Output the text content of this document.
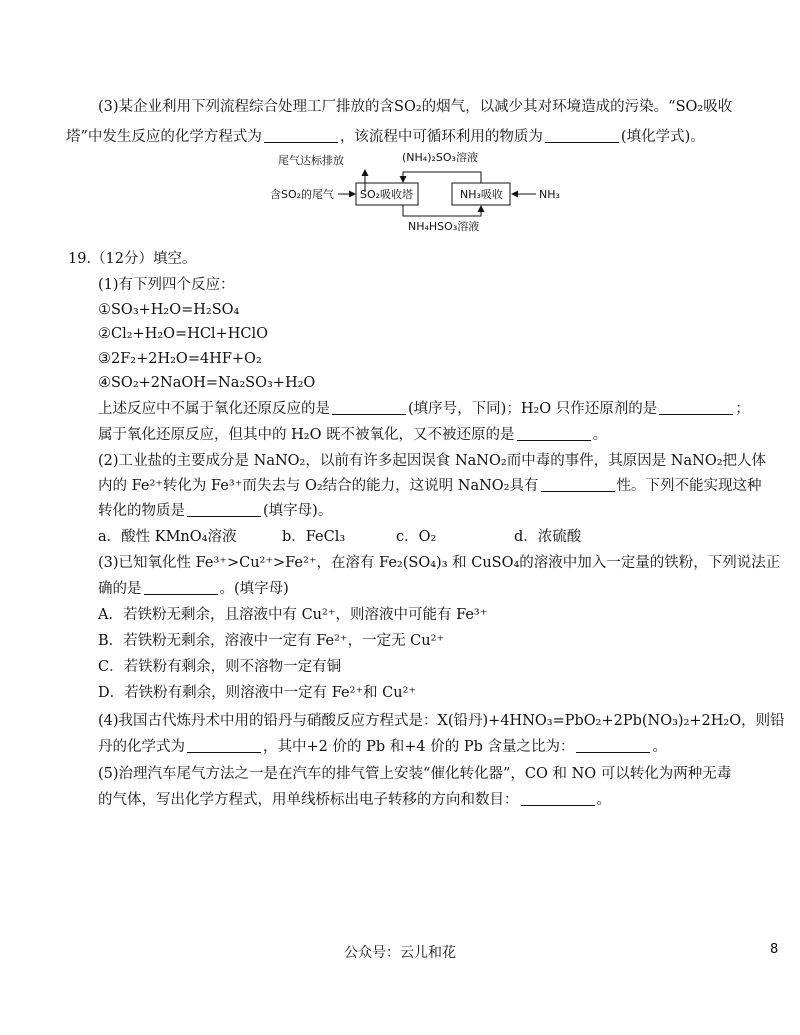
(3)某企业利用下列流程综合处理工厂排放的含SO₂的烟气，以减少其对环境造成的污染。“SO₂吸收
塔”中发生反应的化学方程式为	，该流程中可循环利用的物质为	(填化学式)。
尾气达标排放
含SO₂的尾气 SO₂吸收塔	NH₃吸收	NH₃
(NH₄)₂SO₃溶液
NH₄HSO₃溶液
19.（12分）填空。
(1)有下列四个反应：
①SO₃+H₂O=H₂SO₄
②Cl₂+H₂O=HCl+HClO
③2F₂+2H₂O=4HF+O₂
④SO₂+2NaOH=Na₂SO₃+H₂O
上述反应中不属于氧化还原反应的是	(填序号，下同)；H₂O 只作还原剂的是	；
属于氧化还原反应，但其中的 H₂O 既不被氧化，又不被还原的是	。
(2)工业盐的主要成分是 NaNO₂，以前有许多起因误食 NaNO₂而中毒的事件，其原因是 NaNO₂把人体
内的 Fe²⁺转化为 Fe³⁺而失去与 O₂结合的能力，这说明 NaNO₂具有	性。下列不能实现这种
转化的物质是	(填字母)。
a．酸性 KMnO₄溶液	b．FeCl₃	c．O₂	d．浓硫酸
(3)已知氧化性 Fe³⁺>Cu²⁺>Fe²⁺，在溶有 Fe₂(SO₄)₃ 和 CuSO₄的溶液中加入一定量的铁粉，下列说法正
确的是	。(填字母)
A．若铁粉无剩余，且溶液中有 Cu²⁺，则溶液中可能有 Fe³⁺
B．若铁粉无剩余，溶液中一定有 Fe²⁺，一定无 Cu²⁺
C．若铁粉有剩余，则不溶物一定有铜
D．若铁粉有剩余，则溶液中一定有 Fe²⁺和 Cu²⁺
(4)我国古代炼丹术中用的铅丹与硝酸反应方程式是：X(铅丹)+4HNO₃=PbO₂+2Pb(NO₃)₂+2H₂O，则铅
丹的化学式为	，其中+2 价的 Pb 和+4 价的 Pb 含量之比为：	。
(5)治理汽车尾气方法之一是在汽车的排气管上安装“催化转化器”，CO 和 NO 可以转化为两种无毒
的气体，写出化学方程式，用单线桥标出电子转移的方向和数目：	。
公众号：云儿和花	8
